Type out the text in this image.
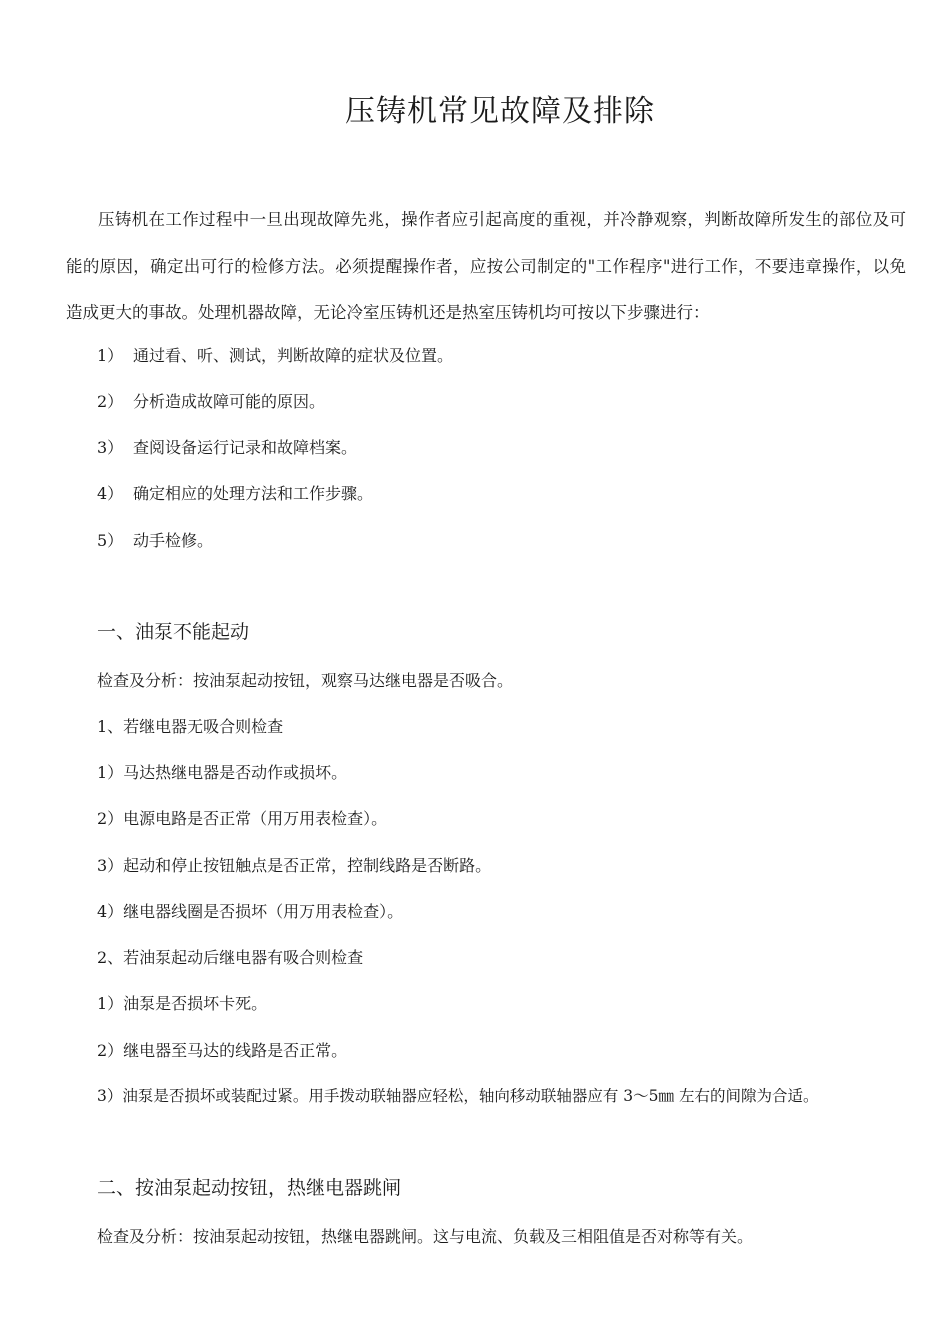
压铸机常见故障及排除
压铸机在工作过程中一旦出现故障先兆，操作者应引起高度的重视，并冷静观察，判断故障所发生的部位及可能的原因，确定出可行的检修方法。必须提醒操作者，应按公司制定的"工作程序"进行工作，不要违章操作，以免造成更大的事故。处理机器故障，无论冷室压铸机还是热室压铸机均可按以下步骤进行：
1） 通过看、听、测试，判断故障的症状及位置。
2） 分析造成故障可能的原因。
3） 查阅设备运行记录和故障档案。
4） 确定相应的处理方法和工作步骤。
5） 动手检修。
一、油泵不能起动
检查及分析：按油泵起动按钮，观察马达继电器是否吸合。
1、若继电器无吸合则检查
1）马达热继电器是否动作或损坏。
2）电源电路是否正常（用万用表检查）。
3）起动和停止按钮触点是否正常，控制线路是否断路。
4）继电器线圈是否损坏（用万用表检查）。
2、若油泵起动后继电器有吸合则检查
1）油泵是否损坏卡死。
2）继电器至马达的线路是否正常。
3）油泵是否损坏或装配过紧。用手拨动联轴器应轻松，轴向移动联轴器应有 3～5㎜ 左右的间隙为合适。
二、按油泵起动按钮，热继电器跳闸
检查及分析：按油泵起动按钮，热继电器跳闸。这与电流、负载及三相阻值是否对称等有关。
